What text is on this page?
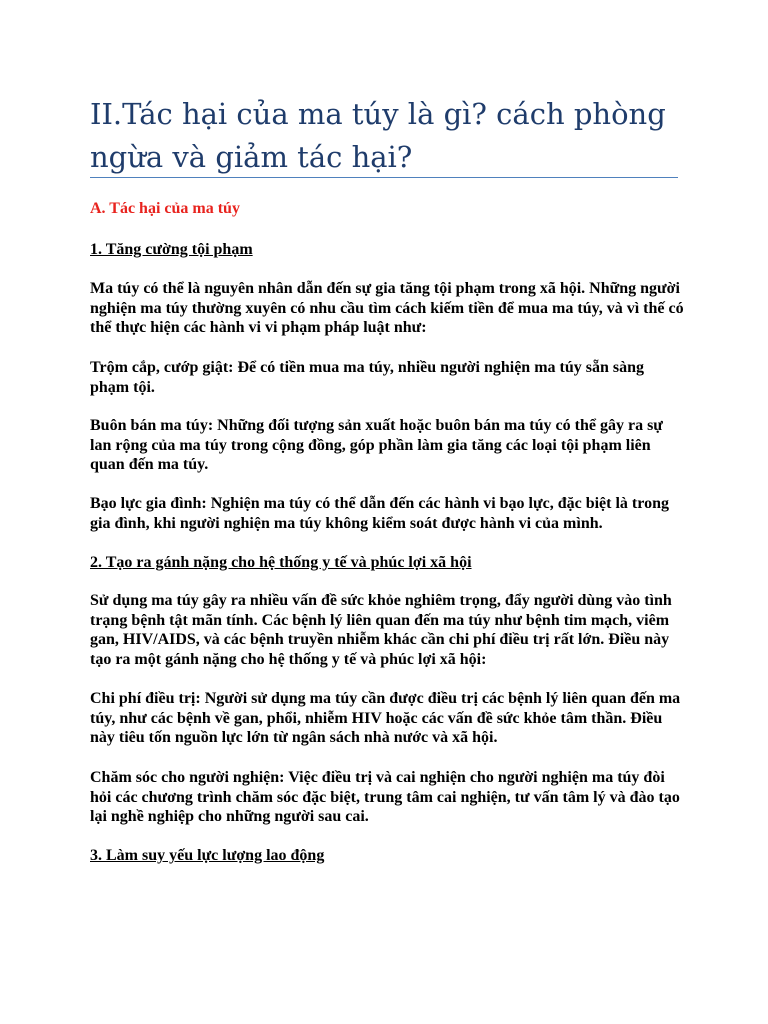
II.Tác hại của ma túy là gì? cách phòng ngừa và giảm tác hại?

A. Tác hại của ma túy

1. Tăng cường tội phạm

Ma túy có thể là nguyên nhân dẫn đến sự gia tăng tội phạm trong xã hội. Những người nghiện ma túy thường xuyên có nhu cầu tìm cách kiếm tiền để mua ma túy, và vì thế có thể thực hiện các hành vi vi phạm pháp luật như:

Trộm cắp, cướp giật: Để có tiền mua ma túy, nhiều người nghiện ma túy sẵn sàng phạm tội.

Buôn bán ma túy: Những đối tượng sản xuất hoặc buôn bán ma túy có thể gây ra sự lan rộng của ma túy trong cộng đồng, góp phần làm gia tăng các loại tội phạm liên quan đến ma túy.

Bạo lực gia đình: Nghiện ma túy có thể dẫn đến các hành vi bạo lực, đặc biệt là trong gia đình, khi người nghiện ma túy không kiểm soát được hành vi của mình.

2. Tạo ra gánh nặng cho hệ thống y tế và phúc lợi xã hội

Sử dụng ma túy gây ra nhiều vấn đề sức khỏe nghiêm trọng, đẩy người dùng vào tình trạng bệnh tật mãn tính. Các bệnh lý liên quan đến ma túy như bệnh tim mạch, viêm gan, HIV/AIDS, và các bệnh truyền nhiễm khác cần chi phí điều trị rất lớn. Điều này tạo ra một gánh nặng cho hệ thống y tế và phúc lợi xã hội:

Chi phí điều trị: Người sử dụng ma túy cần được điều trị các bệnh lý liên quan đến ma túy, như các bệnh về gan, phổi, nhiễm HIV hoặc các vấn đề sức khỏe tâm thần. Điều này tiêu tốn nguồn lực lớn từ ngân sách nhà nước và xã hội.

Chăm sóc cho người nghiện: Việc điều trị và cai nghiện cho người nghiện ma túy đòi hỏi các chương trình chăm sóc đặc biệt, trung tâm cai nghiện, tư vấn tâm lý và đào tạo lại nghề nghiệp cho những người sau cai.

3. Làm suy yếu lực lượng lao động
